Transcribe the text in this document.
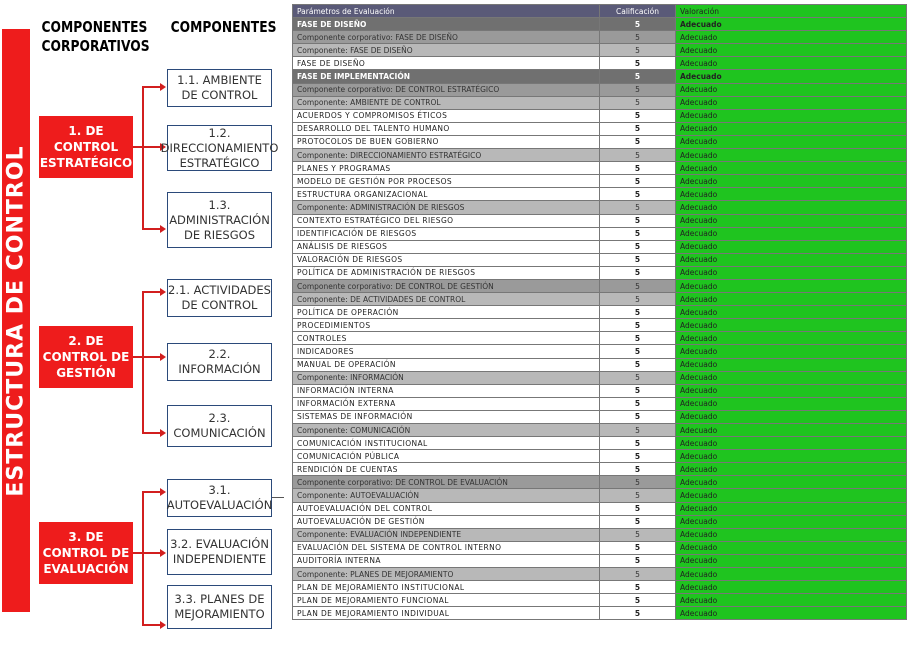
ESTRUCTURA DE CONTROL
COMPONENTES CORPORATIVOS
COMPONENTES
1. DE CONTROL ESTRATÉGICO
1.1. AMBIENTE DE CONTROL
1.2. DIRECCIONAMIENTO ESTRATÉGICO
1.3. ADMINISTRACIÓN DE RIESGOS
2. DE CONTROL DE GESTIÓN
2.1. ACTIVIDADES DE CONTROL
2.2. INFORMACIÓN
2.3. COMUNICACIÓN
3. DE CONTROL DE EVALUACIÓN
3.1. AUTOEVALUACIÓN
3.2. EVALUACIÓN INDEPENDIENTE
3.3. PLANES DE MEJORAMIENTO
Parámetros de Evaluación	Calificación	Valoración
FASE DE DISEÑO	5	Adecuado
Componente corporativo: FASE DE DISEÑO	5	Adecuado
Componente: FASE DE DISEÑO	5	Adecuado
FASE DE DISEÑO	5	Adecuado
FASE DE IMPLEMENTACIÓN	5	Adecuado
Componente corporativo: DE CONTROL ESTRATÉGICO	5	Adecuado
Componente: AMBIENTE DE CONTROL	5	Adecuado
ACUERDOS Y COMPROMISOS ÉTICOS	5	Adecuado
DESARROLLO DEL TALENTO HUMANO	5	Adecuado
PROTOCOLOS DE BUEN GOBIERNO	5	Adecuado
Componente: DIRECCIONAMIENTO ESTRATÉGICO	5	Adecuado
PLANES Y PROGRAMAS	5	Adecuado
MODELO DE GESTIÓN POR PROCESOS	5	Adecuado
ESTRUCTURA ORGANIZACIONAL	5	Adecuado
Componente: ADMINISTRACIÓN DE RIESGOS	5	Adecuado
CONTEXTO ESTRATÉGICO DEL RIESGO	5	Adecuado
IDENTIFICACIÓN DE RIESGOS	5	Adecuado
ANÁLISIS DE RIESGOS	5	Adecuado
VALORACIÓN DE RIESGOS	5	Adecuado
POLÍTICA DE ADMINISTRACIÓN DE RIESGOS	5	Adecuado
Componente corporativo: DE CONTROL DE GESTIÓN	5	Adecuado
Componente: DE ACTIVIDADES DE CONTROL	5	Adecuado
POLÍTICA DE OPERACIÓN	5	Adecuado
PROCEDIMIENTOS	5	Adecuado
CONTROLES	5	Adecuado
INDICADORES	5	Adecuado
MANUAL DE OPERACIÓN	5	Adecuado
Componente: INFORMACIÓN	5	Adecuado
INFORMACIÓN INTERNA	5	Adecuado
INFORMACIÓN EXTERNA	5	Adecuado
SISTEMAS DE INFORMACIÓN	5	Adecuado
Componente: COMUNICACIÓN	5	Adecuado
COMUNICACIÓN INSTITUCIONAL	5	Adecuado
COMUNICACIÓN PÚBLICA	5	Adecuado
RENDICIÓN DE CUENTAS	5	Adecuado
Componente corporativo: DE CONTROL DE EVALUACIÓN	5	Adecuado
Componente: AUTOEVALUACIÓN	5	Adecuado
AUTOEVALUACIÓN DEL CONTROL	5	Adecuado
AUTOEVALUACIÓN DE GESTIÓN	5	Adecuado
Componente: EVALUACIÓN INDEPENDIENTE	5	Adecuado
EVALUACIÓN DEL SISTEMA DE CONTROL INTERNO	5	Adecuado
AUDITORÍA INTERNA	5	Adecuado
Componente: PLANES DE MEJORAMIENTO	5	Adecuado
PLAN DE MEJORAMIENTO INSTITUCIONAL	5	Adecuado
PLAN DE MEJORAMIENTO FUNCIONAL	5	Adecuado
PLAN DE MEJORAMIENTO INDIVIDUAL	5	Adecuado
